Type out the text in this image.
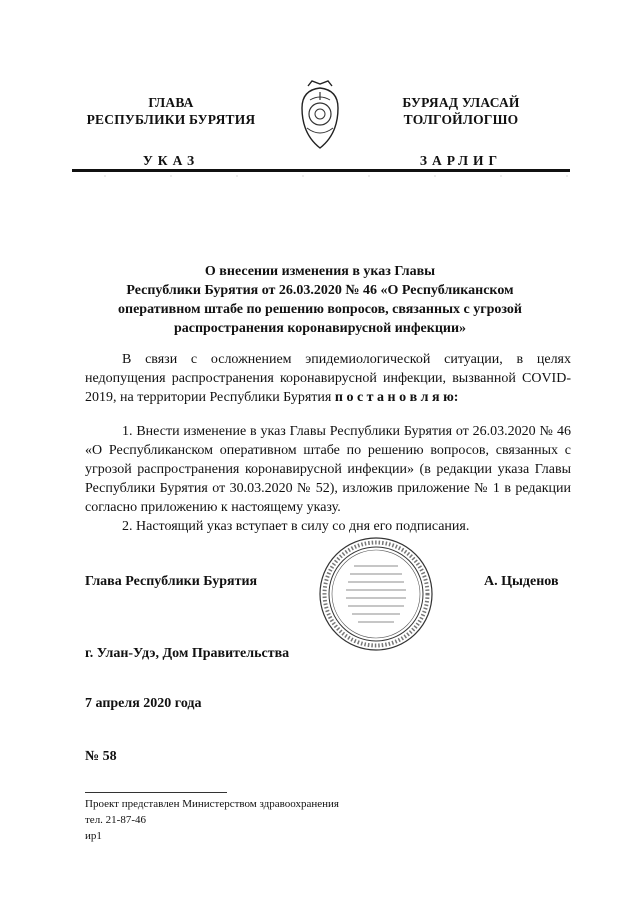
ГЛАВА
РЕСПУБЛИКИ БУРЯТИЯ
УКАЗ
БУРЯАД УЛАСАЙ
ТОЛГОЙЛОГШО
ЗАРЛИГ
О внесении изменения в указ Главы
Республики Бурятия от 26.03.2020 № 46 «О Республиканском
оперативном штабе по решению вопросов, связанных с угрозой
распространения коронавирусной инфекции»
В связи с осложнением эпидемиологической ситуации, в целях недопущения распространения коронавирусной инфекции, вызванной COVID-2019, на территории Республики Бурятия п о с т а н о в л я ю:
1. Внести изменение в указ Главы Республики Бурятия от 26.03.2020 № 46 «О Республиканском оперативном штабе по решению вопросов, связанных с угрозой распространения коронавирусной инфекции» (в редакции указа Главы Республики Бурятия от 30.03.2020 № 52), изложив приложение № 1 в редакции согласно приложению к настоящему указу.
2. Настоящий указ вступает в силу со дня его подписания.
Глава Республики Бурятия	А. Цыденов
г. Улан-Удэ, Дом Правительства
7 апреля 2020 года
№ 58
Проект представлен Министерством здравоохранения
тел. 21-87-46
ир1
